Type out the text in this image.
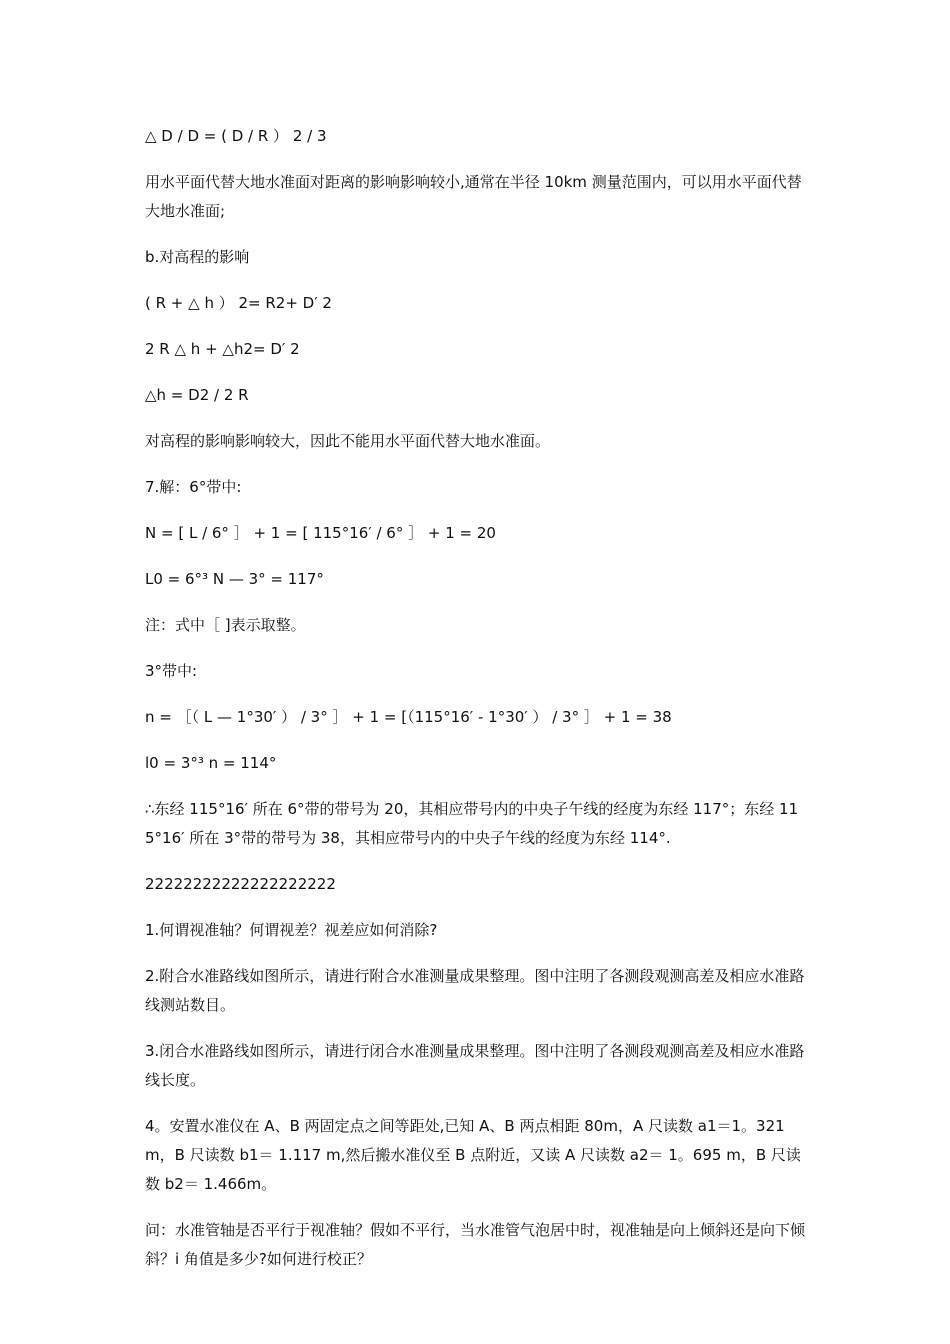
△ D / D = ( D / R ） 2 / 3

用水平面代替大地水准面对距离的影响影响较小,通常在半径 10km 测量范围内，可以用水平面代替大地水准面;

b.对高程的影响

( R + △ h ） 2= R2+ D′ 2

2 R △ h + △h2= D′ 2

△h = D2 / 2 R

对高程的影响影响较大，因此不能用水平面代替大地水准面。

7.解：6°带中:

N = [ L / 6° ］ + 1 = [ 115°16′ / 6° ］ + 1 = 20

L0 = 6°³ N — 3° = 117°

注：式中［ ]表示取整。

3°带中:

n = ［（ L — 1°30′ ） / 3° ］ + 1 = [（115°16′ - 1°30′ ） / 3° ］ + 1 = 38

l0 = 3°³ n = 114°

∴东经 115°16′ 所在 6°带的带号为 20，其相应带号内的中央子午线的经度为东经 117°；东经 115°16′ 所在 3°带的带号为 38，其相应带号内的中央子午线的经度为东经 114°.

22222222222222222222

1.何谓视准轴？何谓视差？视差应如何消除?

2.附合水准路线如图所示，请进行附合水准测量成果整理。图中注明了各测段观测高差及相应水准路线测站数目。

3.闭合水准路线如图所示，请进行闭合水准测量成果整理。图中注明了各测段观测高差及相应水准路线长度。

4。安置水准仪在 A、B 两固定点之间等距处,已知 A、B 两点相距 80m，A 尺读数 a1＝1。321 m，B 尺读数 b1＝ 1.117 m,然后搬水准仪至 B 点附近，又读 A 尺读数 a2＝ 1。695 m，B 尺读数 b2＝ 1.466m。

问：水准管轴是否平行于视准轴？假如不平行，当水准管气泡居中时，视准轴是向上倾斜还是向下倾斜？i 角值是多少?如何进行校正？
